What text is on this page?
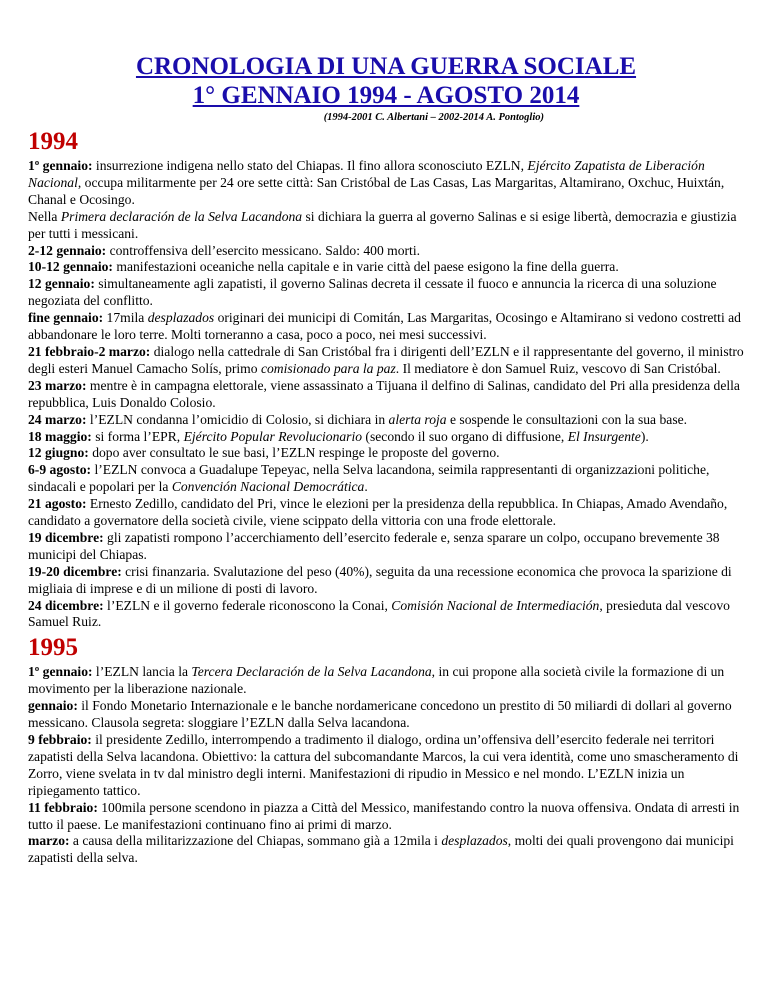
CRONOLOGIA DI UNA GUERRA SOCIALE

1° GENNAIO 1994 - AGOSTO 2014

(1994-2001 C. Albertani – 2002-2014 A. Pontoglio)

1994

1º gennaio: insurrezione indigena nello stato del Chiapas. Il fino allora sconosciuto EZLN, Ejército Zapatista de Liberación Nacional, occupa militarmente per 24 ore sette città: San Cristóbal de Las Casas, Las Margaritas, Altamirano, Oxchuc, Huixtán, Chanal e Ocosingo.

Nella Primera declaración de la Selva Lacandona si dichiara la guerra al governo Salinas e si esige libertà, democrazia e giustizia per tutti i messicani.

2-12 gennaio: controffensiva dell’esercito messicano. Saldo: 400 morti.

10-12 gennaio: manifestazioni oceaniche nella capitale e in varie città del paese esigono la fine della guerra.

12 gennaio: simultaneamente agli zapatisti, il governo Salinas decreta il cessate il fuoco e annuncia la ricerca di una soluzione negoziata del conflitto.

fine gennaio: 17mila desplazados originari dei municipi di Comitán, Las Margaritas, Ocosingo e Altamirano si vedono costretti ad abbandonare le loro terre. Molti torneranno a casa, poco a poco, nei mesi successivi.

21 febbraio-2 marzo: dialogo nella cattedrale di San Cristóbal fra i dirigenti dell’EZLN e il rappresentante del governo, il ministro degli esteri Manuel Camacho Solís, primo comisionado para la paz. Il mediatore è don Samuel Ruiz, vescovo di San Cristóbal.

23 marzo: mentre è in campagna elettorale, viene assassinato a Tijuana il delfino di Salinas, candidato del Pri alla presidenza della repubblica, Luis Donaldo Colosio.

24 marzo: l’EZLN condanna l’omicidio di Colosio, si dichiara in alerta roja e sospende le consultazioni con la sua base.

18 maggio: si forma l’EPR, Ejército Popular Revolucionario (secondo il suo organo di diffusione, El Insurgente).

12 giugno: dopo aver consultato le sue basi, l’EZLN respinge le proposte del governo.

6-9 agosto: l’EZLN convoca a Guadalupe Tepeyac, nella Selva lacandona, seimila rappresentanti di organizzazioni politiche, sindacali e popolari per la Convención Nacional Democrática.

21 agosto: Ernesto Zedillo, candidato del Pri, vince le elezioni per la presidenza della repubblica. In Chiapas, Amado Avendaño, candidato a governatore della società civile, viene scippato della vittoria con una frode elettorale.

19 dicembre: gli zapatisti rompono l’accerchiamento dell’esercito federale e, senza sparare un colpo, occupano brevemente 38 municipi del Chiapas.

19-20 dicembre: crisi finanzaria. Svalutazione del peso (40%), seguita da una recessione economica che provoca la sparizione di migliaia di imprese e di un milione di posti di lavoro.

24 dicembre: l’EZLN e il governo federale riconoscono la Conai, Comisión Nacional de Intermediación, presieduta dal vescovo Samuel Ruiz.

1995

1º gennaio: l’EZLN lancia la Tercera Declaración de la Selva Lacandona, in cui propone alla società civile la formazione di un movimento per la liberazione nazionale.

gennaio: il Fondo Monetario Internazionale e le banche nordamericane concedono un prestito di 50 miliardi di dollari al governo messicano. Clausola segreta: sloggiare l’EZLN dalla Selva lacandona.

9 febbraio: il presidente Zedillo, interrompendo a tradimento il dialogo, ordina un’offensiva dell’esercito federale nei territori zapatisti della Selva lacandona. Obiettivo: la cattura del subcomandante Marcos, la cui vera identità, come uno smascheramento di Zorro, viene svelata in tv dal ministro degli interni. Manifestazioni di ripudio in Messico e nel mondo. L’EZLN inizia un ripiegamento tattico.

11 febbraio: 100mila persone scendono in piazza a Città del Messico, manifestando contro la nuova offensiva. Ondata di arresti in tutto il paese. Le manifestazioni continuano fino ai primi di marzo.

marzo: a causa della militarizzazione del Chiapas, sommano già a 12mila i desplazados, molti dei quali provengono dai municipi zapatisti della selva.
